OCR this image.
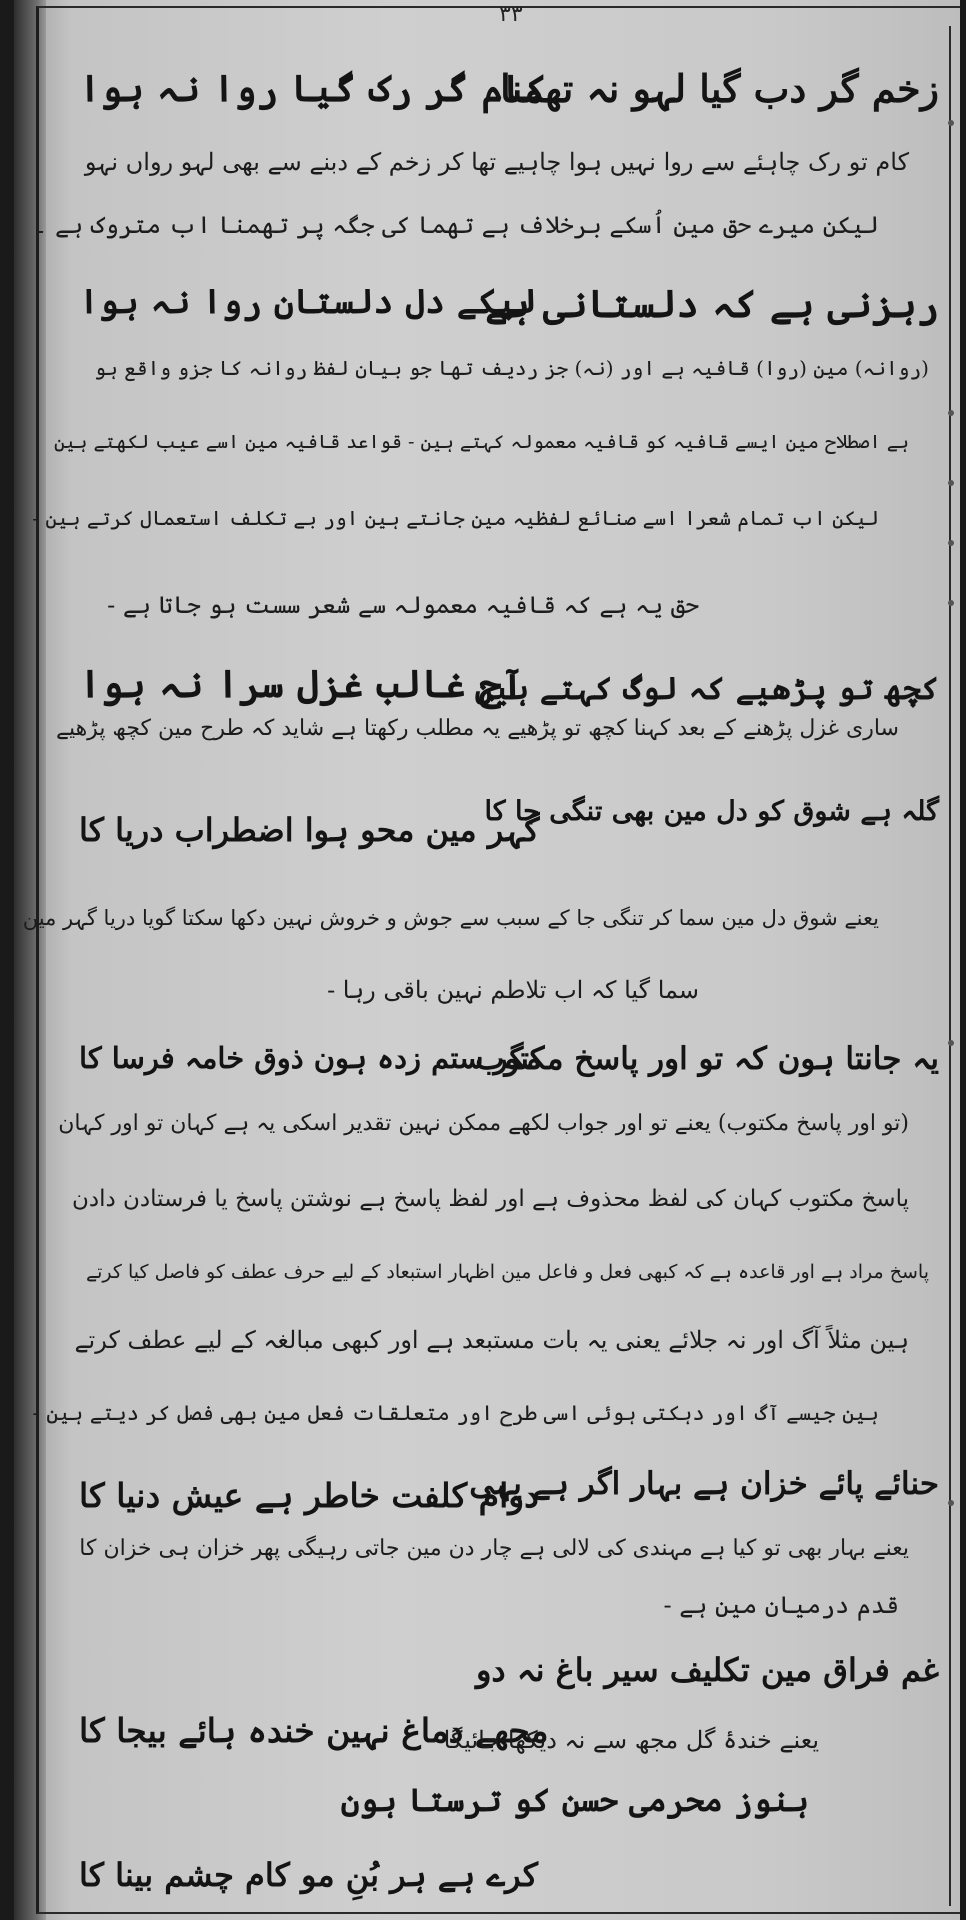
۳۳
زخم گر دب گیا لہو نہ تھمنا
کام گر رک گیا روا نہ ہوا
کام تو رک چاہئے سے روا نہیں ہوا چاہیے تھا کر زخم کے دبنے سے بھی لہو رواں نہو
لیکن میرے حق مین اُسکے برخلاف ہے تھما کی جگہ پر تھمنا اب متروک ہے ۔
رہزنی ہے کہ دلستانی ہے
لیکے دل دلستان روا نہ ہوا
(روانہ) مین (روا) قافیہ ہے اور (نہ) جز ردیف تھا جو بیان لفظ روانہ کا جزو واقع ہو
ہے اصطلاح مین ایسے قافیہ کو قافیہ معمولہ کہتے ہین - قواعد قافیہ مین اسے عیب لکھتے ہین
لیکن اب تمام شعرا اسے صنائع لفظیہ مین جانتے ہین اور بے تکلف استعمال کرتے ہین -
حق یہ ہے کہ قافیہ معمولہ سے شعر سست ہو جاتا ہے -
کچھ تو پڑھیے کہ لوگ کہتے ہین
آج غالب غزل سرا نہ ہوا
ساری غزل پڑھنے کے بعد کہنا کچھ تو پڑھیے یہ مطلب رکھتا ہے شاید کہ طرح مین کچھ پڑھیے
گلہ ہے شوق کو دل مین بھی تنگی جا کا
گہر مین محو ہوا اضطراب دریا کا
یعنے شوق دل مین سما کر تنگی جا کے سبب سے جوش و خروش نہین دکھا سکتا گویا دریا گہر مین
سما گیا کہ اب تلاطم نہین باقی رہا -
یہ جانتا ہون کہ تو اور پاسخ مکتوب
مگر ستم زدہ ہون ذوق خامہ فرسا کا
(تو اور پاسخ مکتوب) یعنے تو اور جواب لکھے ممکن نہین تقدیر اسکی یہ ہے کہان تو اور کہان
پاسخ مکتوب کہان کی لفظ محذوف ہے اور لفظ پاسخ ہے نوشتن پاسخ یا فرستادن دادن
پاسخ مراد ہے اور قاعدہ ہے کہ کبھی فعل و فاعل مین اظہار استبعاد کے لیے حرف عطف کو فاصل کیا کرتے
ہین مثلاً آگ اور نہ جلائے یعنی یہ بات مستبعد ہے اور کبھی مبالغہ کے لیے عطف کرتے
ہین جیسے آگ اور دہکتی ہوئی اسی طرح اور متعلقات فعل مین بھی فصل کر دیتے ہین -
حنائے پائے خزان ہے بہار اگر ہے یہی
دوام کلفت خاطر ہے عیش دنیا کا
یعنے بہار بھی تو کیا ہے مہندی کی لالی ہے چار دن مین جاتی رہیگی پھر خزان ہی خزان کا
قدم درمیان مین ہے -
غم فراق مین تکلیف سیر باغ نہ دو
مجھے دماغ نہین خندہ ہائے بیجا کا
یعنے خندۂ گل مجھ سے نہ دیکھا جائیگا -
ہنوز محرمی حسن کو ترستا ہون
کرے ہے ہر بُنِ مو کام چشم بینا کا
